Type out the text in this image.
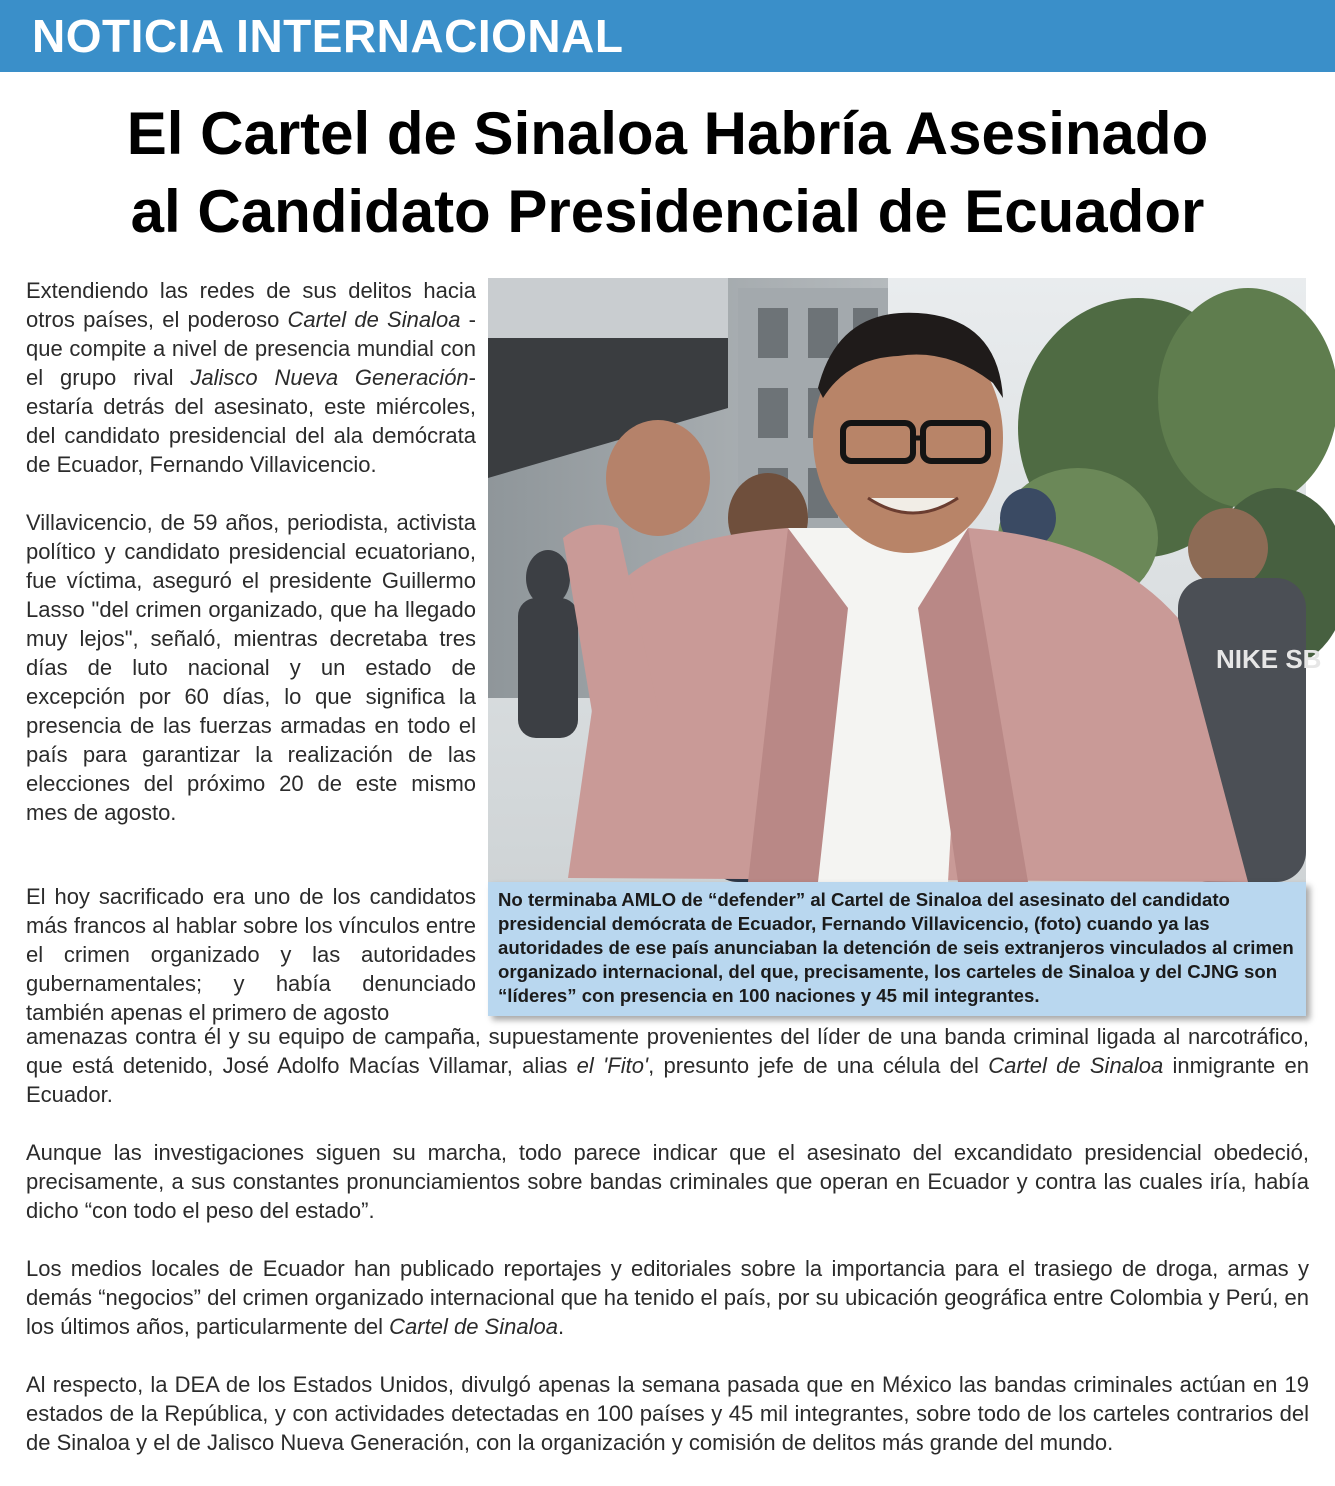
NOTICIA INTERNACIONAL
El Cartel de Sinaloa Habría Asesinado
al Candidato Presidencial de Ecuador

Extendiendo las redes de sus delitos hacia otros países, el poderoso Cartel de Sinaloa -que compite a nivel de presencia mundial con el grupo rival Jalisco Nueva Generación- estaría detrás del asesinato, este miércoles, del candidato presidencial del ala demócrata de Ecuador, Fernando Villavicencio.

Villavicencio, de 59 años, periodista, activista político y candidato presidencial ecuatoriano, fue víctima, aseguró el presidente Guillermo Lasso "del crimen organizado, que ha llegado muy lejos", señaló, mientras decretaba tres días de luto nacional y un estado de excepción por 60 días, lo que significa la presencia de las fuerzas armadas en todo el país para garantizar la realización de las elecciones del próximo 20 de este mismo mes de agosto.

El hoy sacrificado era uno de los candidatos más francos al hablar sobre los vínculos entre el crimen organizado y las autoridades gubernamentales; y había denunciado también apenas el primero de agosto

amenazas contra él y su equipo de campaña, supuestamente provenientes del líder de una banda criminal ligada al narcotráfico, que está detenido, José Adolfo Macías Villamar, alias el 'Fito', presunto jefe de una célula del Cartel de Sinaloa inmigrante en Ecuador.

Aunque las investigaciones siguen su marcha, todo parece indicar que el asesinato del excandidato presidencial obedeció, precisamente, a sus constantes pronunciamientos sobre bandas criminales que operan en Ecuador y contra las cuales iría, había dicho “con todo el peso del estado”.

Los medios locales de Ecuador han publicado reportajes y editoriales sobre la importancia para el trasiego de droga, armas y demás “negocios” del crimen organizado internacional que ha tenido el país, por su ubicación geográfica entre Colombia y Perú, en los últimos años, particularmente del Cartel de Sinaloa.

Al respecto, la DEA de los Estados Unidos, divulgó apenas la semana pasada que en México las bandas criminales actúan en 19 estados de la República, y con actividades detectadas en 100 países y 45 mil integrantes, sobre todo de los carteles contrarios del de Sinaloa y el de Jalisco Nueva Generación, con la organización y comisión de delitos más grande del mundo.

NIKE SB

No terminaba AMLO de “defender” al Cartel de Sinaloa del asesinato del candidato presidencial demócrata de Ecuador, Fernando Villavicencio, (foto) cuando ya las autoridades de ese país anunciaban la detención de seis extranjeros vinculados al crimen organizado internacional, del que, precisamente, los carteles de Sinaloa y del CJNG son “líderes” con presencia en 100 naciones y 45 mil integrantes.
